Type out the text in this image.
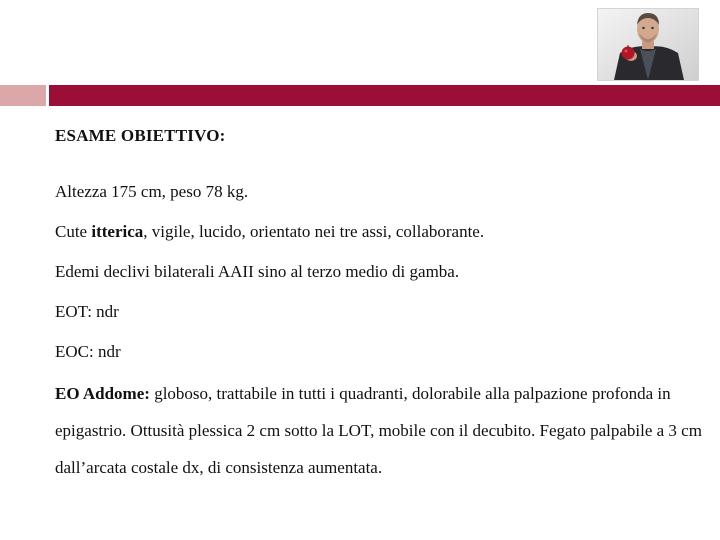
ESAME OBIETTIVO:
Altezza 175 cm, peso 78 kg.
Cute itterica, vigile, lucido, orientato nei tre assi, collaborante.
Edemi declivi bilaterali AAII sino al terzo medio di gamba.
EOT: ndr
EOC: ndr
EO Addome: globoso, trattabile in tutti i quadranti, dolorabile alla palpazione profonda in epigastrio. Ottusità plessica 2 cm sotto la LOT, mobile con il decubito. Fegato palpabile a 3 cm dall’arcata costale dx, di consistenza aumentata.
